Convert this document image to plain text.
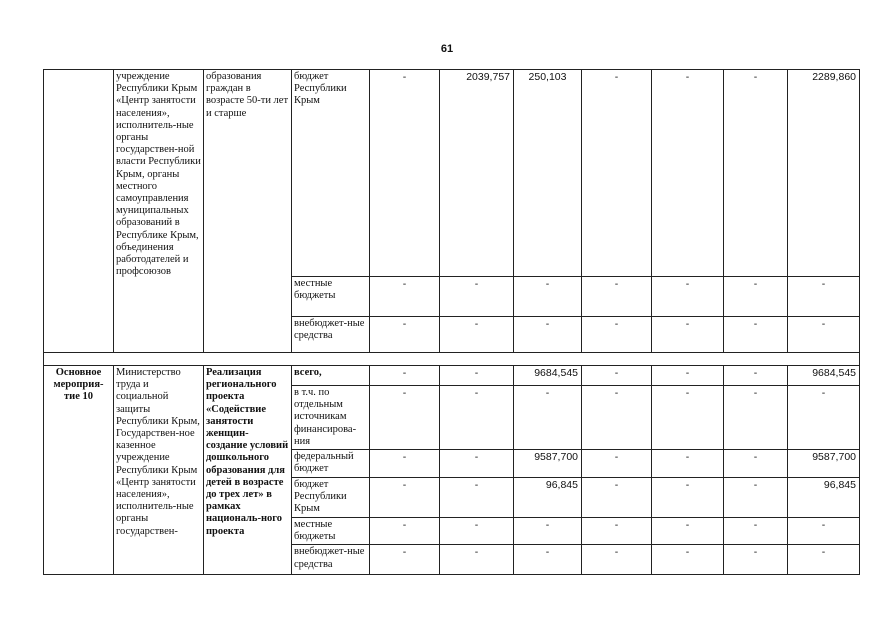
61
	учреждение Республики Крым «Центр занятости населения», исполнитель-ные органы государствен-ной власти Республики Крым, органы местного самоуправления муниципальных образований в Республике Крым, объединения работодателей и профсоюзов	образования граждан в возрасте 50-ти лет и старше	бюджет Республики Крым	-	2039,757	250,103	-	-	-	2289,860
			местные бюджеты	-	-	-	-	-	-	-
			внебюджет-ные средства	-	-	-	-	-	-	-

Основное мероприя-тие 10	Министерство труда и социальной защиты Республики Крым, Государствен-ное казенное учреждение Республики Крым «Центр занятости населения», исполнитель-ные органы государствен-	Реализация регионального проекта «Содействие занятости женщин-создание условий дошкольного образования для детей в возрасте до трех лет» в рамках националь-ного проекта	всего,	-	-	9684,545	-	-	-	9684,545
			в т.ч. по отдельным источникам финансирова-ния	-	-	-	-	-	-	-
			федеральный бюджет	-	-	9587,700	-	-	-	9587,700
			бюджет Республики Крым	-	-	96,845	-	-	-	96,845
			местные бюджеты	-	-	-	-	-	-	-
			внебюджет-ные средства	-	-	-	-	-	-	-
